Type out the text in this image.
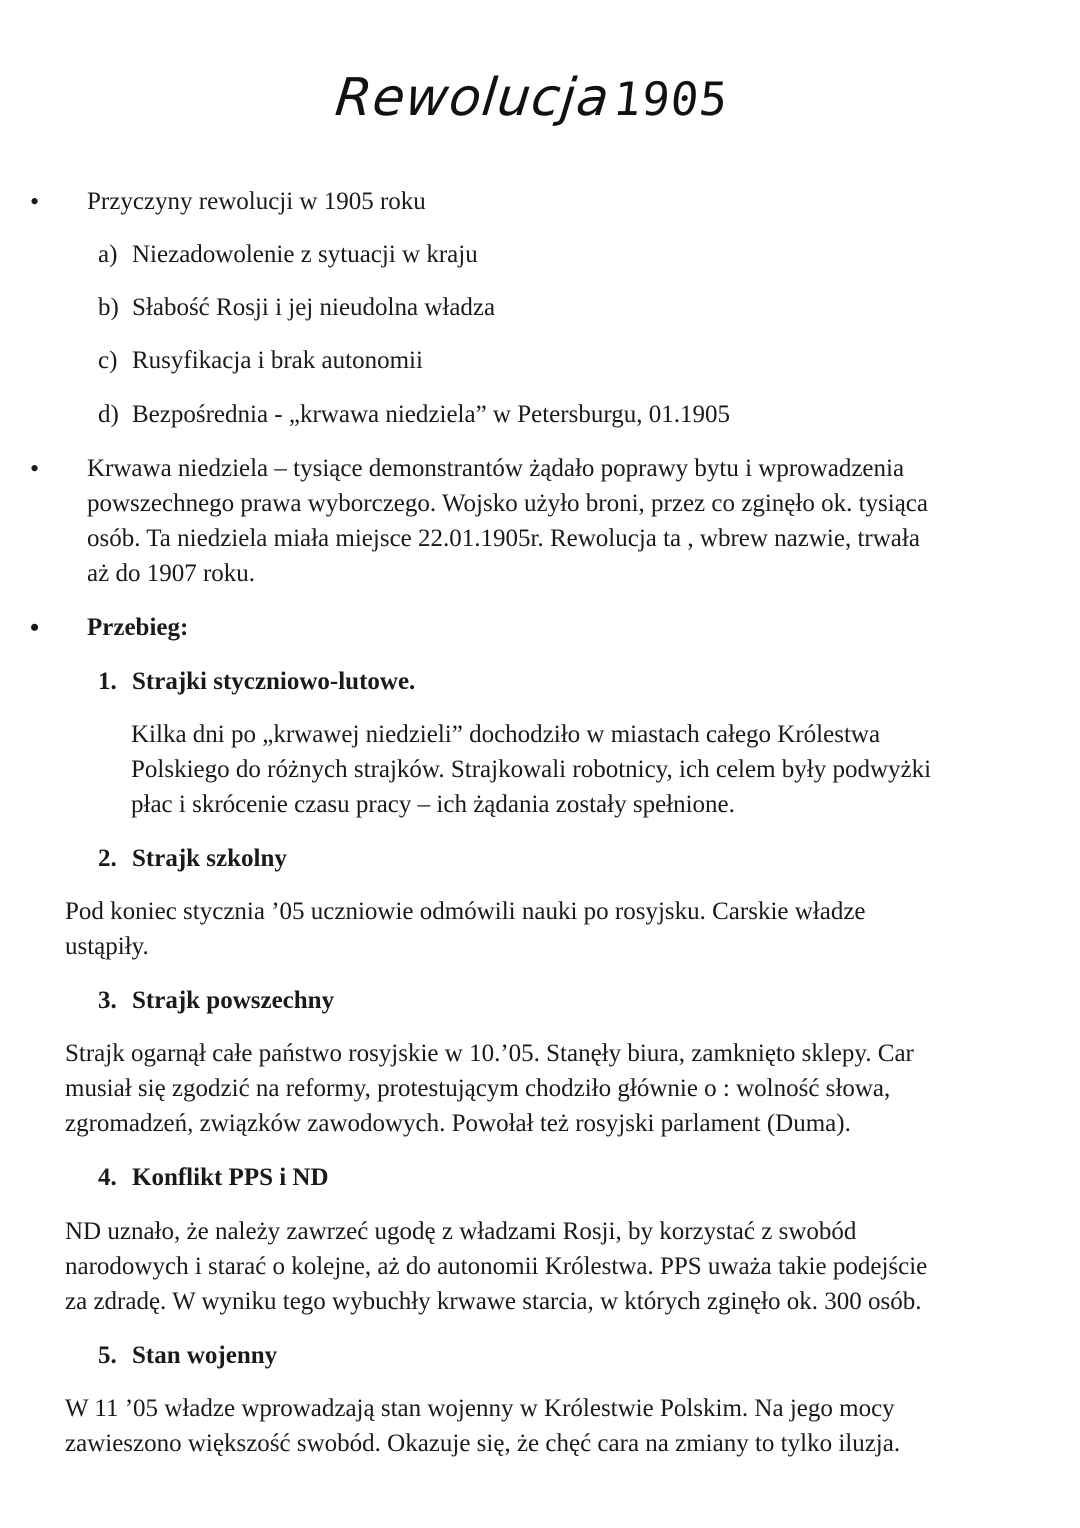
Rewolucja1905
• Przyczyny rewolucji w 1905 roku

a) Niezadowolenie z sytuacji w kraju

b) Słabość Rosji i jej nieudolna władza

c) Rusyfikacja i brak autonomii

d) Bezpośrednia - „krwawa niedziela” w Petersburgu, 01.1905

• Krwawa niedziela – tysiące demonstrantów żądało poprawy bytu i wprowadzenia

powszechnego prawa wyborczego. Wojsko użyło broni, przez co zginęło ok. tysiąca

osób. Ta niedziela miała miejsce 22.01.1905r. Rewolucja ta , wbrew nazwie, trwała

aż do 1907 roku.

• Przebieg:

1. Strajki styczniowo-lutowe.

Kilka dni po „krwawej niedzieli” dochodziło w miastach całego Królestwa

Polskiego do różnych strajków. Strajkowali robotnicy, ich celem były podwyżki

płac i skrócenie czasu pracy – ich żądania zostały spełnione.

2. Strajk szkolny

Pod koniec stycznia ’05 uczniowie odmówili nauki po rosyjsku. Carskie władze

ustąpiły.

3. Strajk powszechny

Strajk ogarnął całe państwo rosyjskie w 10.’05. Stanęły biura, zamknięto sklepy. Car

musiał się zgodzić na reformy, protestującym chodziło głównie o : wolność słowa,

zgromadzeń, związków zawodowych. Powołał też rosyjski parlament (Duma).

4. Konflikt PPS i ND

ND uznało, że należy zawrzeć ugodę z władzami Rosji, by korzystać z swobód

narodowych i starać o kolejne, aż do autonomii Królestwa. PPS uważa takie podejście

za zdradę. W wyniku tego wybuchły krwawe starcia, w których zginęło ok. 300 osób.

5. Stan wojenny

W 11 ’05 władze wprowadzają stan wojenny w Królestwie Polskim. Na jego mocy

zawieszono większość swobód. Okazuje się, że chęć cara na zmiany to tylko iluzja.
